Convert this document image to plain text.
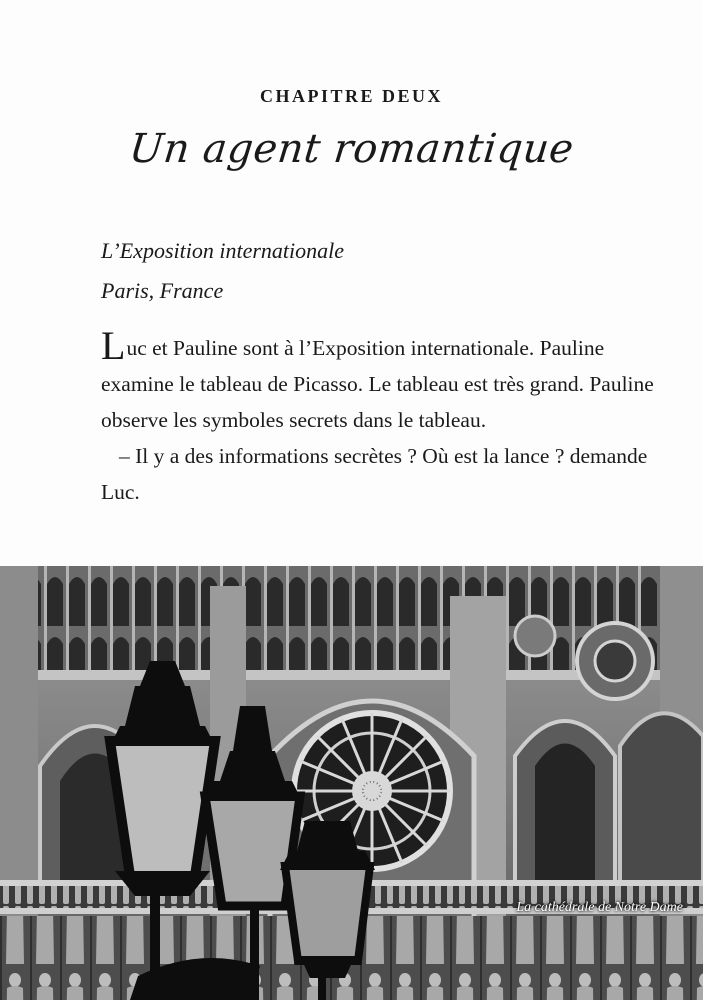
CHAPITRE DEUX
Un agent romantique
L’Exposition internationale
Paris, France

Luc et Pauline sont à l’Exposition internationale. Pauline examine le tableau de Picasso. Le tableau est très grand. Pauline observe les symboles secrets dans le tableau.

– Il y a des informations secrètes ? Où est la lance ? demande Luc.

La cathédrale de Notre Dame
